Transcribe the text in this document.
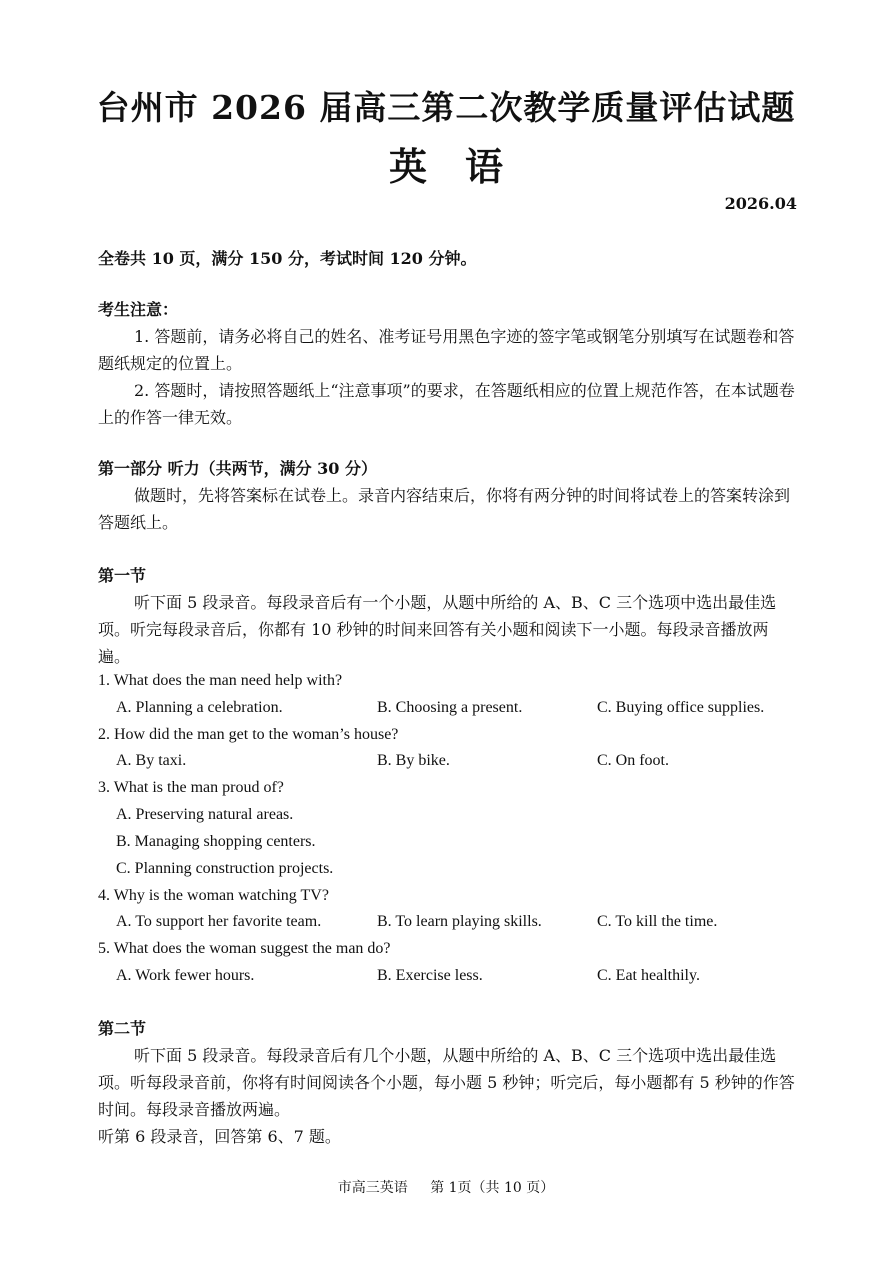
台州市 2026 届高三第二次教学质量评估试题
英　语
2026.04
全卷共 10 页，满分 150 分，考试时间 120 分钟。

考生注意：

1. 答题前，请务必将自己的姓名、准考证号用黑色字迹的签字笔或钢笔分别填写在试题卷和答题纸规定的位置上。

2. 答题时，请按照答题纸上“注意事项”的要求，在答题纸相应的位置上规范作答，在本试题卷上的作答一律无效。

第一部分 听力（共两节，满分 30 分）

做题时，先将答案标在试卷上。录音内容结束后，你将有两分钟的时间将试卷上的答案转涂到答题纸上。

第一节

听下面 5 段录音。每段录音后有一个小题，从题中所给的 A、B、C 三个选项中选出最佳选项。听完每段录音后，你都有 10 秒钟的时间来回答有关小题和阅读下一小题。每段录音播放两遍。

1. What does the man need help with?
A. Planning a celebration.	B. Choosing a present.	C. Buying office supplies.
2. How did the man get to the woman’s house?
A. By taxi.	B. By bike.	C. On foot.
3. What is the man proud of?
A. Preserving natural areas.
B. Managing shopping centers.
C. Planning construction projects.
4. Why is the woman watching TV?
A. To support her favorite team.	B. To learn playing skills.	C. To kill the time.
5. What does the woman suggest the man do?
A. Work fewer hours.	B. Exercise less.	C. Eat healthily.

第二节

听下面 5 段录音。每段录音后有几个小题，从题中所给的 A、B、C 三个选项中选出最佳选项。听每段录音前，你将有时间阅读各个小题，每小题 5 秒钟；听完后，每小题都有 5 秒钟的作答时间。每段录音播放两遍。

听第 6 段录音，回答第 6、7 题。

市高三英语 第 1页（共 10 页）
